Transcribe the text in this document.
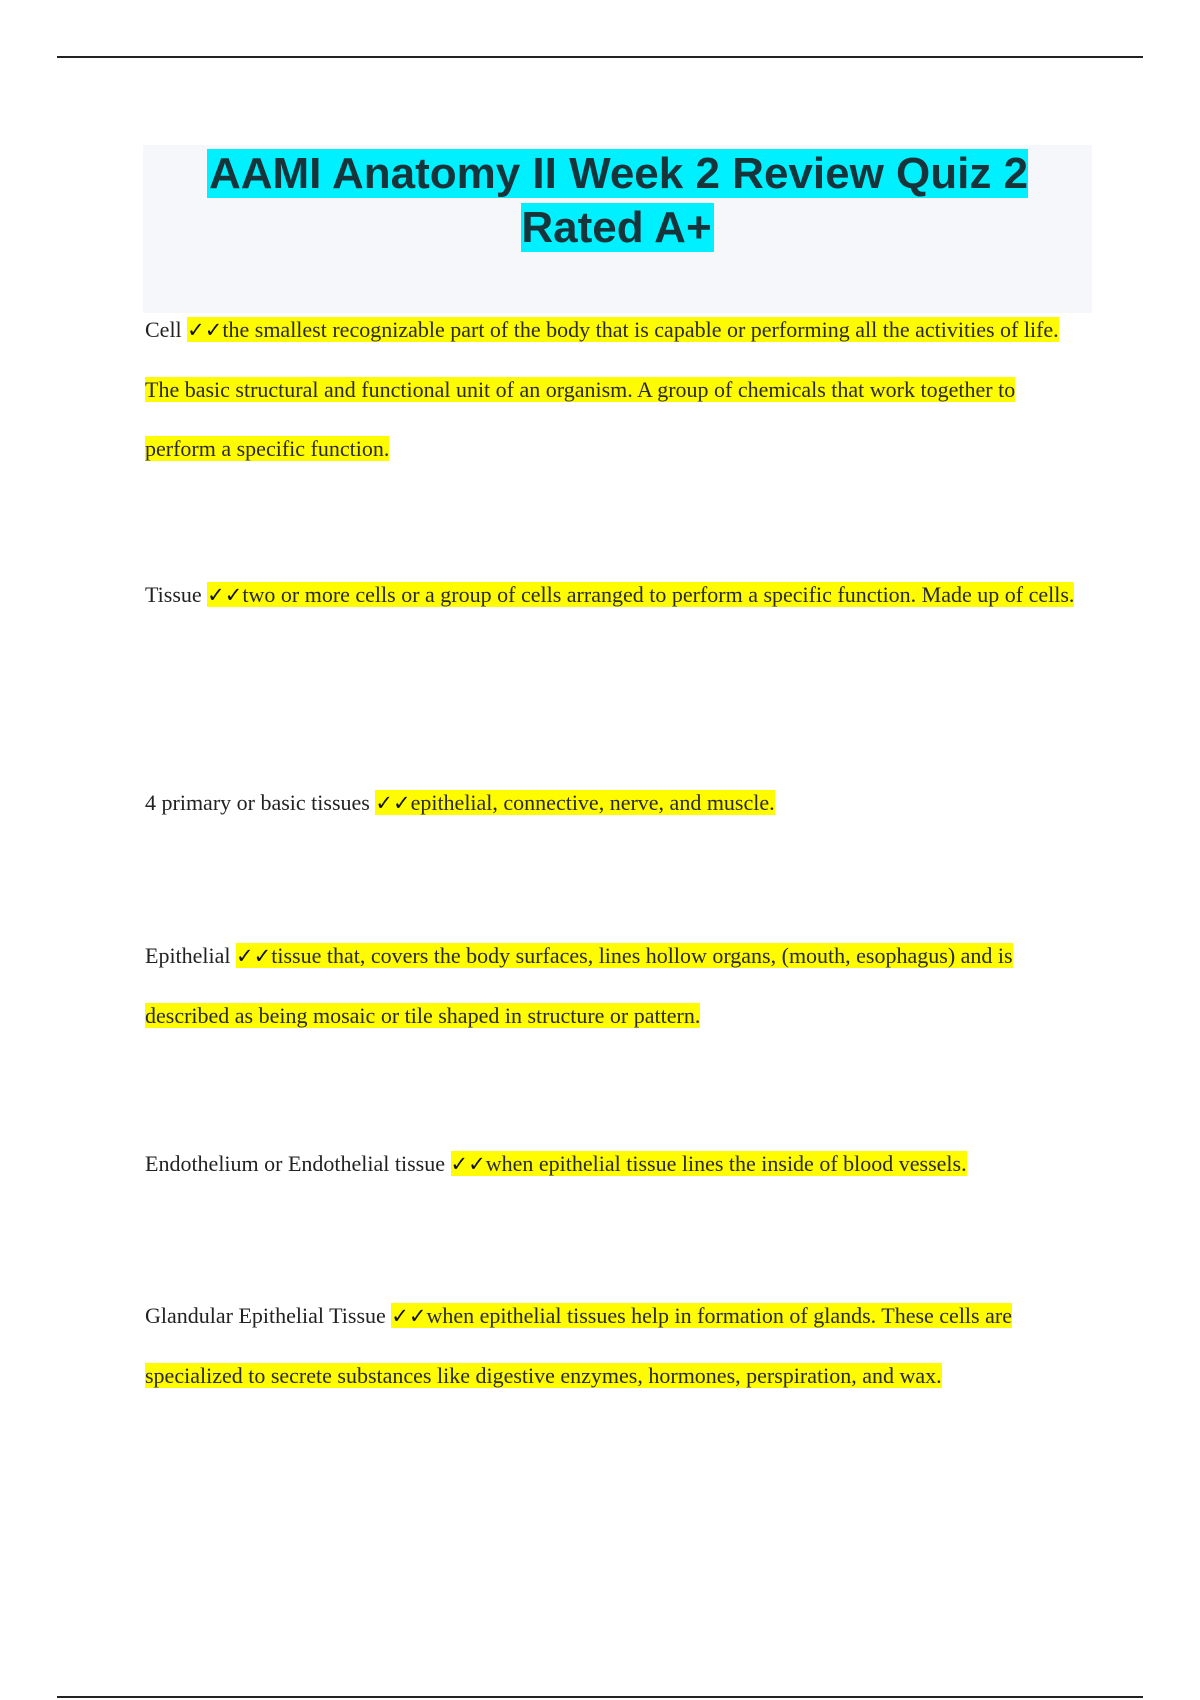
AAMI Anatomy II Week 2 Review Quiz 2 Rated A+

Cell ✓✓the smallest recognizable part of the body that is capable or performing all the activities of life. The basic structural and functional unit of an organism. A group of chemicals that work together to perform a specific function.

Tissue ✓✓two or more cells or a group of cells arranged to perform a specific function. Made up of cells.

4 primary or basic tissues ✓✓epithelial, connective, nerve, and muscle.

Epithelial ✓✓tissue that, covers the body surfaces, lines hollow organs, (mouth, esophagus) and is described as being mosaic or tile shaped in structure or pattern.

Endothelium or Endothelial tissue ✓✓when epithelial tissue lines the inside of blood vessels.

Glandular Epithelial Tissue ✓✓when epithelial tissues help in formation of glands. These cells are specialized to secrete substances like digestive enzymes, hormones, perspiration, and wax.
